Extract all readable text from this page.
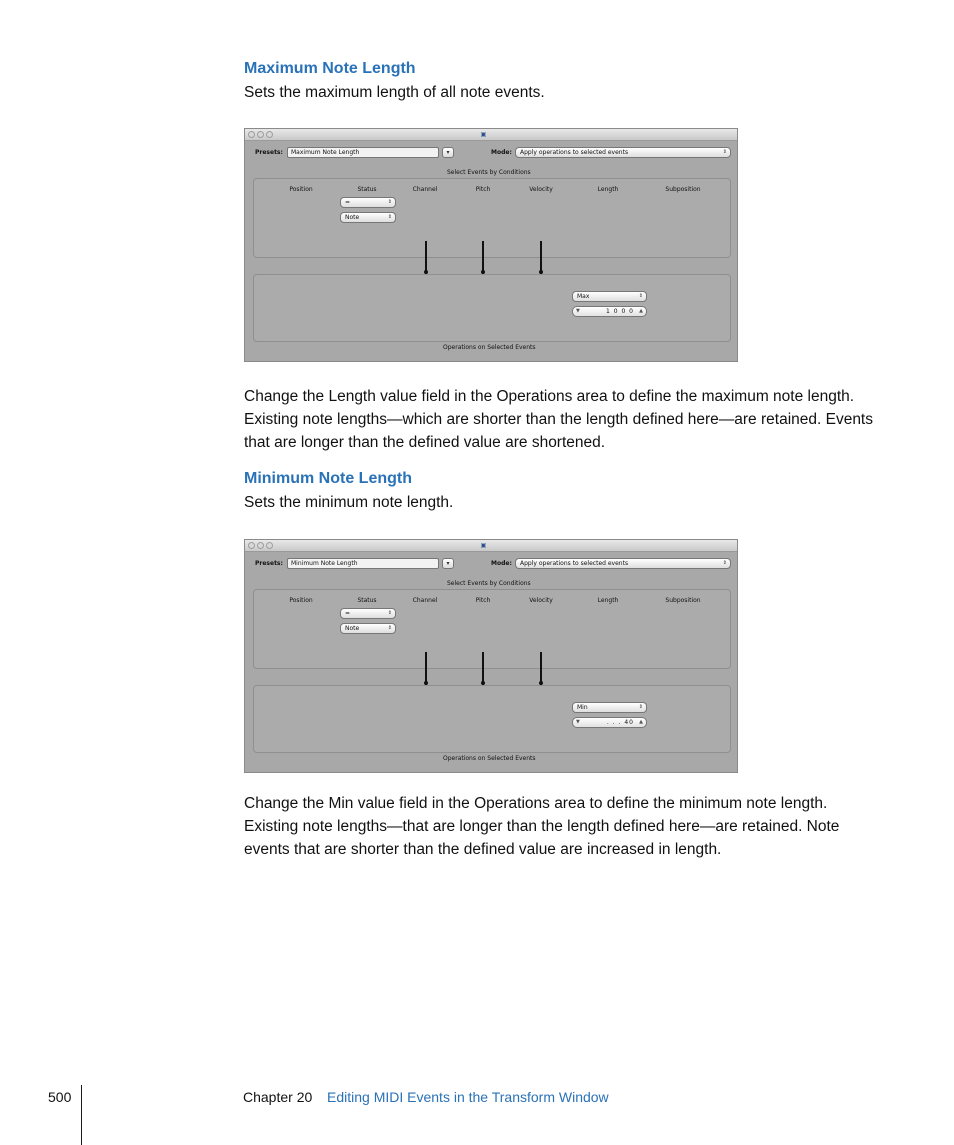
Maximum Note Length
Sets the maximum length of all note events.
▣
Presets:	Maximum Note Length	▾	Mode:	Apply operations to selected events	⇕
Select Events by Conditions
Position	Status	Channel	Pitch	Velocity	Length	Subposition
=	⇕
Note	⇕
Max	⇕
▼	1 0 0 0 ▲
Operations on Selected Events
Change the Length value field in the Operations area to define the maximum note length. Existing note lengths—which are shorter than the length defined here—are retained. Events that are longer than the defined value are shortened.
Minimum Note Length
Sets the minimum note length.
▣
Presets:	Minimum Note Length	▾	Mode:	Apply operations to selected events	⇕
Select Events by Conditions
Position	Status	Channel	Pitch	Velocity	Length	Subposition
=	⇕
Note	⇕
Min	⇕
▼	. . . 40 ▲
Operations on Selected Events
Change the Min value field in the Operations area to define the minimum note length. Existing note lengths—that are longer than the length defined here—are retained. Note events that are shorter than the defined value are increased in length.
500	Chapter 20 Editing MIDI Events in the Transform Window
